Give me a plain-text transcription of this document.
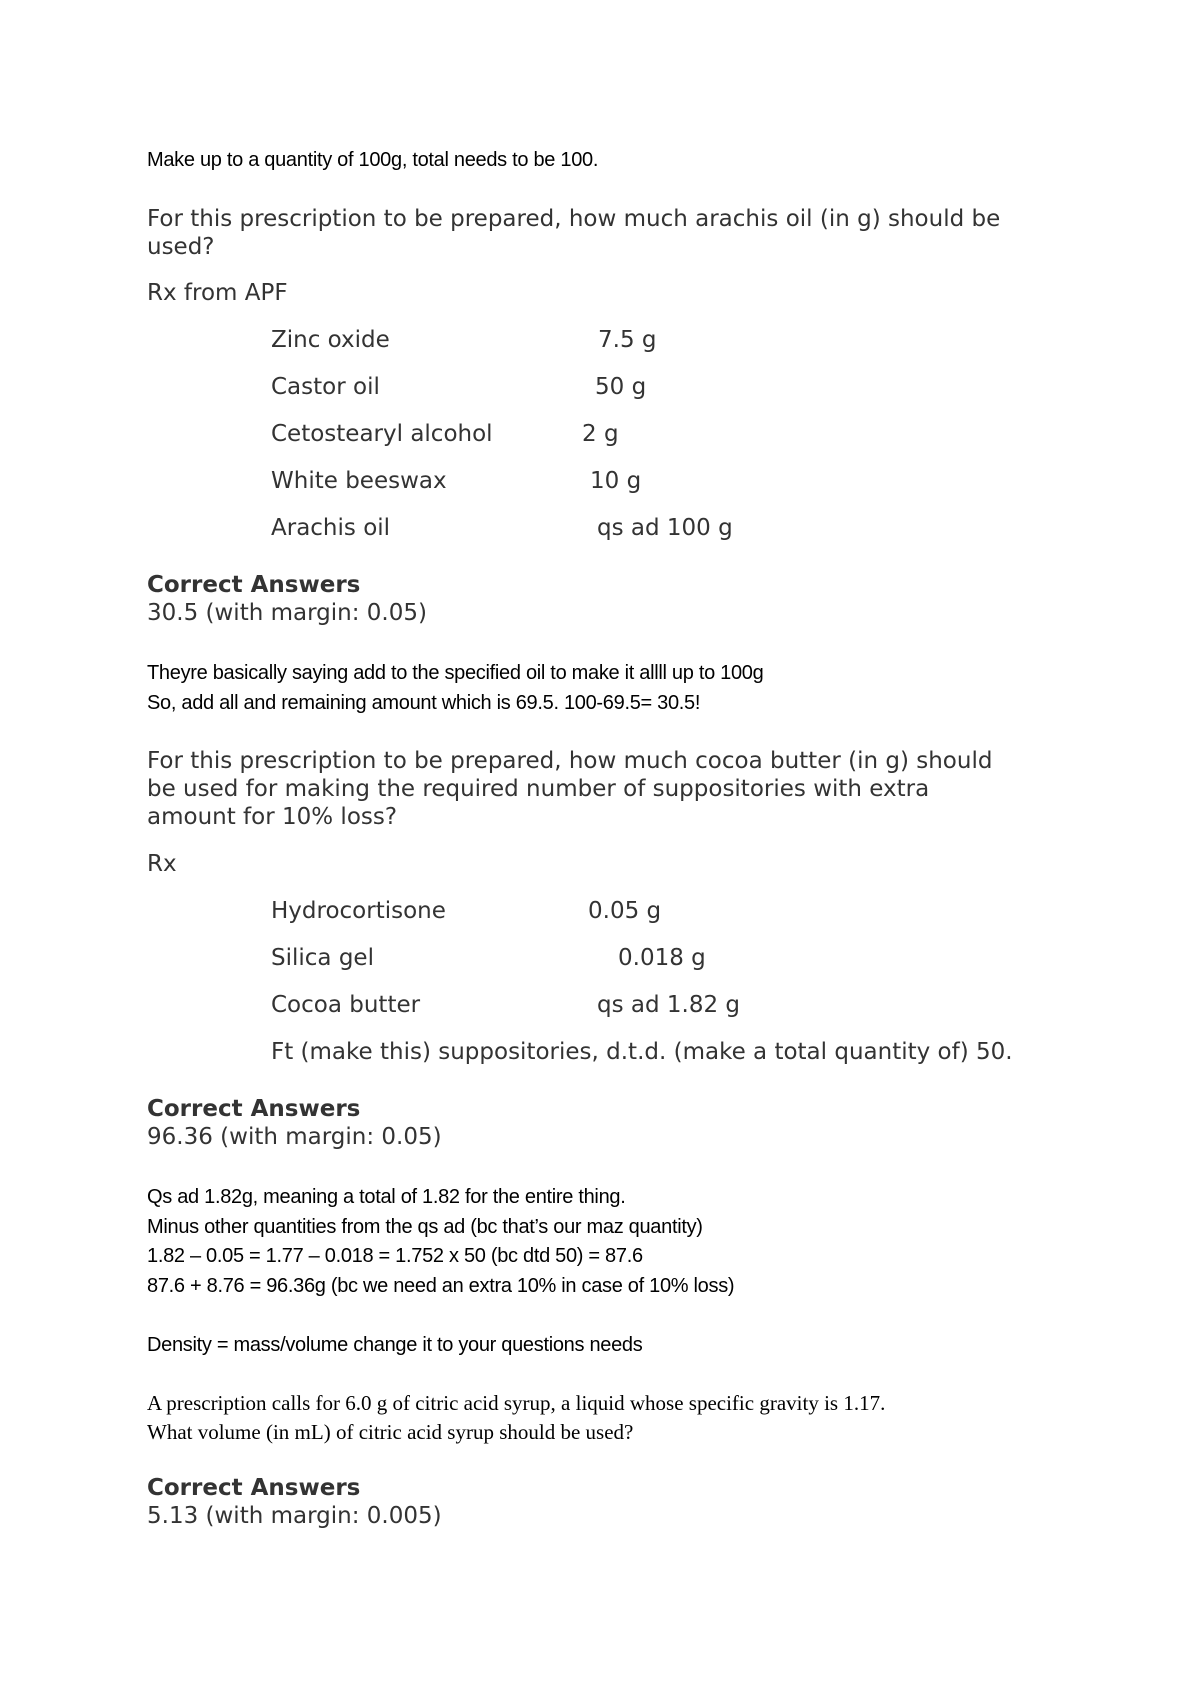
Make up to a quantity of 100g, total needs to be 100.

For this prescription to be prepared, how much arachis oil (in g) should be

used?

Rx from APF

Zinc oxide	7.5 g

Castor oil	50 g

Cetostearyl alcohol	2 g

White beeswax	10 g

Arachis oil	qs ad 100 g

Correct Answers

30.5 (with margin: 0.05)

Theyre basically saying add to the specified oil to make it allll up to 100g

So, add all and remaining amount which is 69.5. 100-69.5= 30.5!

For this prescription to be prepared, how much cocoa butter (in g) should

be used for making the required number of suppositories with extra

amount for 10% loss?

Rx

Hydrocortisone	0.05 g

Silica gel	0.018 g

Cocoa butter	qs ad 1.82 g

Ft (make this) suppositories, d.t.d. (make a total quantity of) 50.

Correct Answers

96.36 (with margin: 0.05)

Qs ad 1.82g, meaning a total of 1.82 for the entire thing.

Minus other quantities from the qs ad (bc that’s our maz quantity)

1.82 – 0.05 = 1.77 – 0.018 = 1.752 x 50 (bc dtd 50) = 87.6

87.6 + 8.76 = 96.36g (bc we need an extra 10% in case of 10% loss)

Density = mass/volume change it to your questions needs

A prescription calls for 6.0 g of citric acid syrup, a liquid whose specific gravity is 1.17.

What volume (in mL) of citric acid syrup should be used?

Correct Answers

5.13 (with margin: 0.005)
